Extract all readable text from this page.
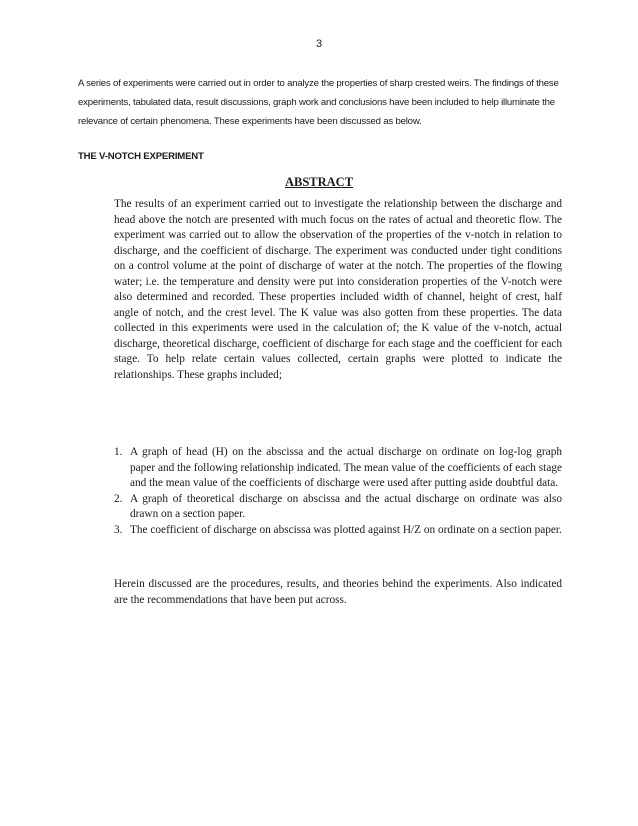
3

A series of experiments were carried out in order to analyze the properties of sharp crested weirs. The findings of these experiments, tabulated data, result discussions, graph work and conclusions have been included to help illuminate the relevance of certain phenomena. These experiments have been discussed as below.

THE V-NOTCH EXPERIMENT

ABSTRACT

The results of an experiment carried out to investigate the relationship between the discharge and head above the notch are presented with much focus on the rates of actual and theoretic flow. The experiment was carried out to allow the observation of the properties of the v-notch in relation to discharge, and the coefficient of discharge. The experiment was conducted under tight conditions on a control volume at the point of discharge of water at the notch. The properties of the flowing water; i.e. the temperature and density were put into consideration properties of the V-notch were also determined and recorded. These properties included width of channel, height of crest, half angle of notch, and the crest level. The K value was also gotten from these properties. The data collected in this experiments were used in the calculation of; the K value of the v-notch, actual discharge, theoretical discharge, coefficient of discharge for each stage and the coefficient for each stage. To help relate certain values collected, certain graphs were plotted to indicate the relationships. These graphs included;

1. A graph of head (H) on the abscissa and the actual discharge on ordinate on log-log graph paper and the following relationship indicated. The mean value of the coefficients of each stage and the mean value of the coefficients of discharge were used after putting aside doubtful data.
2. A graph of theoretical discharge on abscissa and the actual discharge on ordinate was also drawn on a section paper.
3. The coefficient of discharge on abscissa was plotted against H/Z on ordinate on a section paper.

Herein discussed are the procedures, results, and theories behind the experiments. Also indicated are the recommendations that have been put across.
